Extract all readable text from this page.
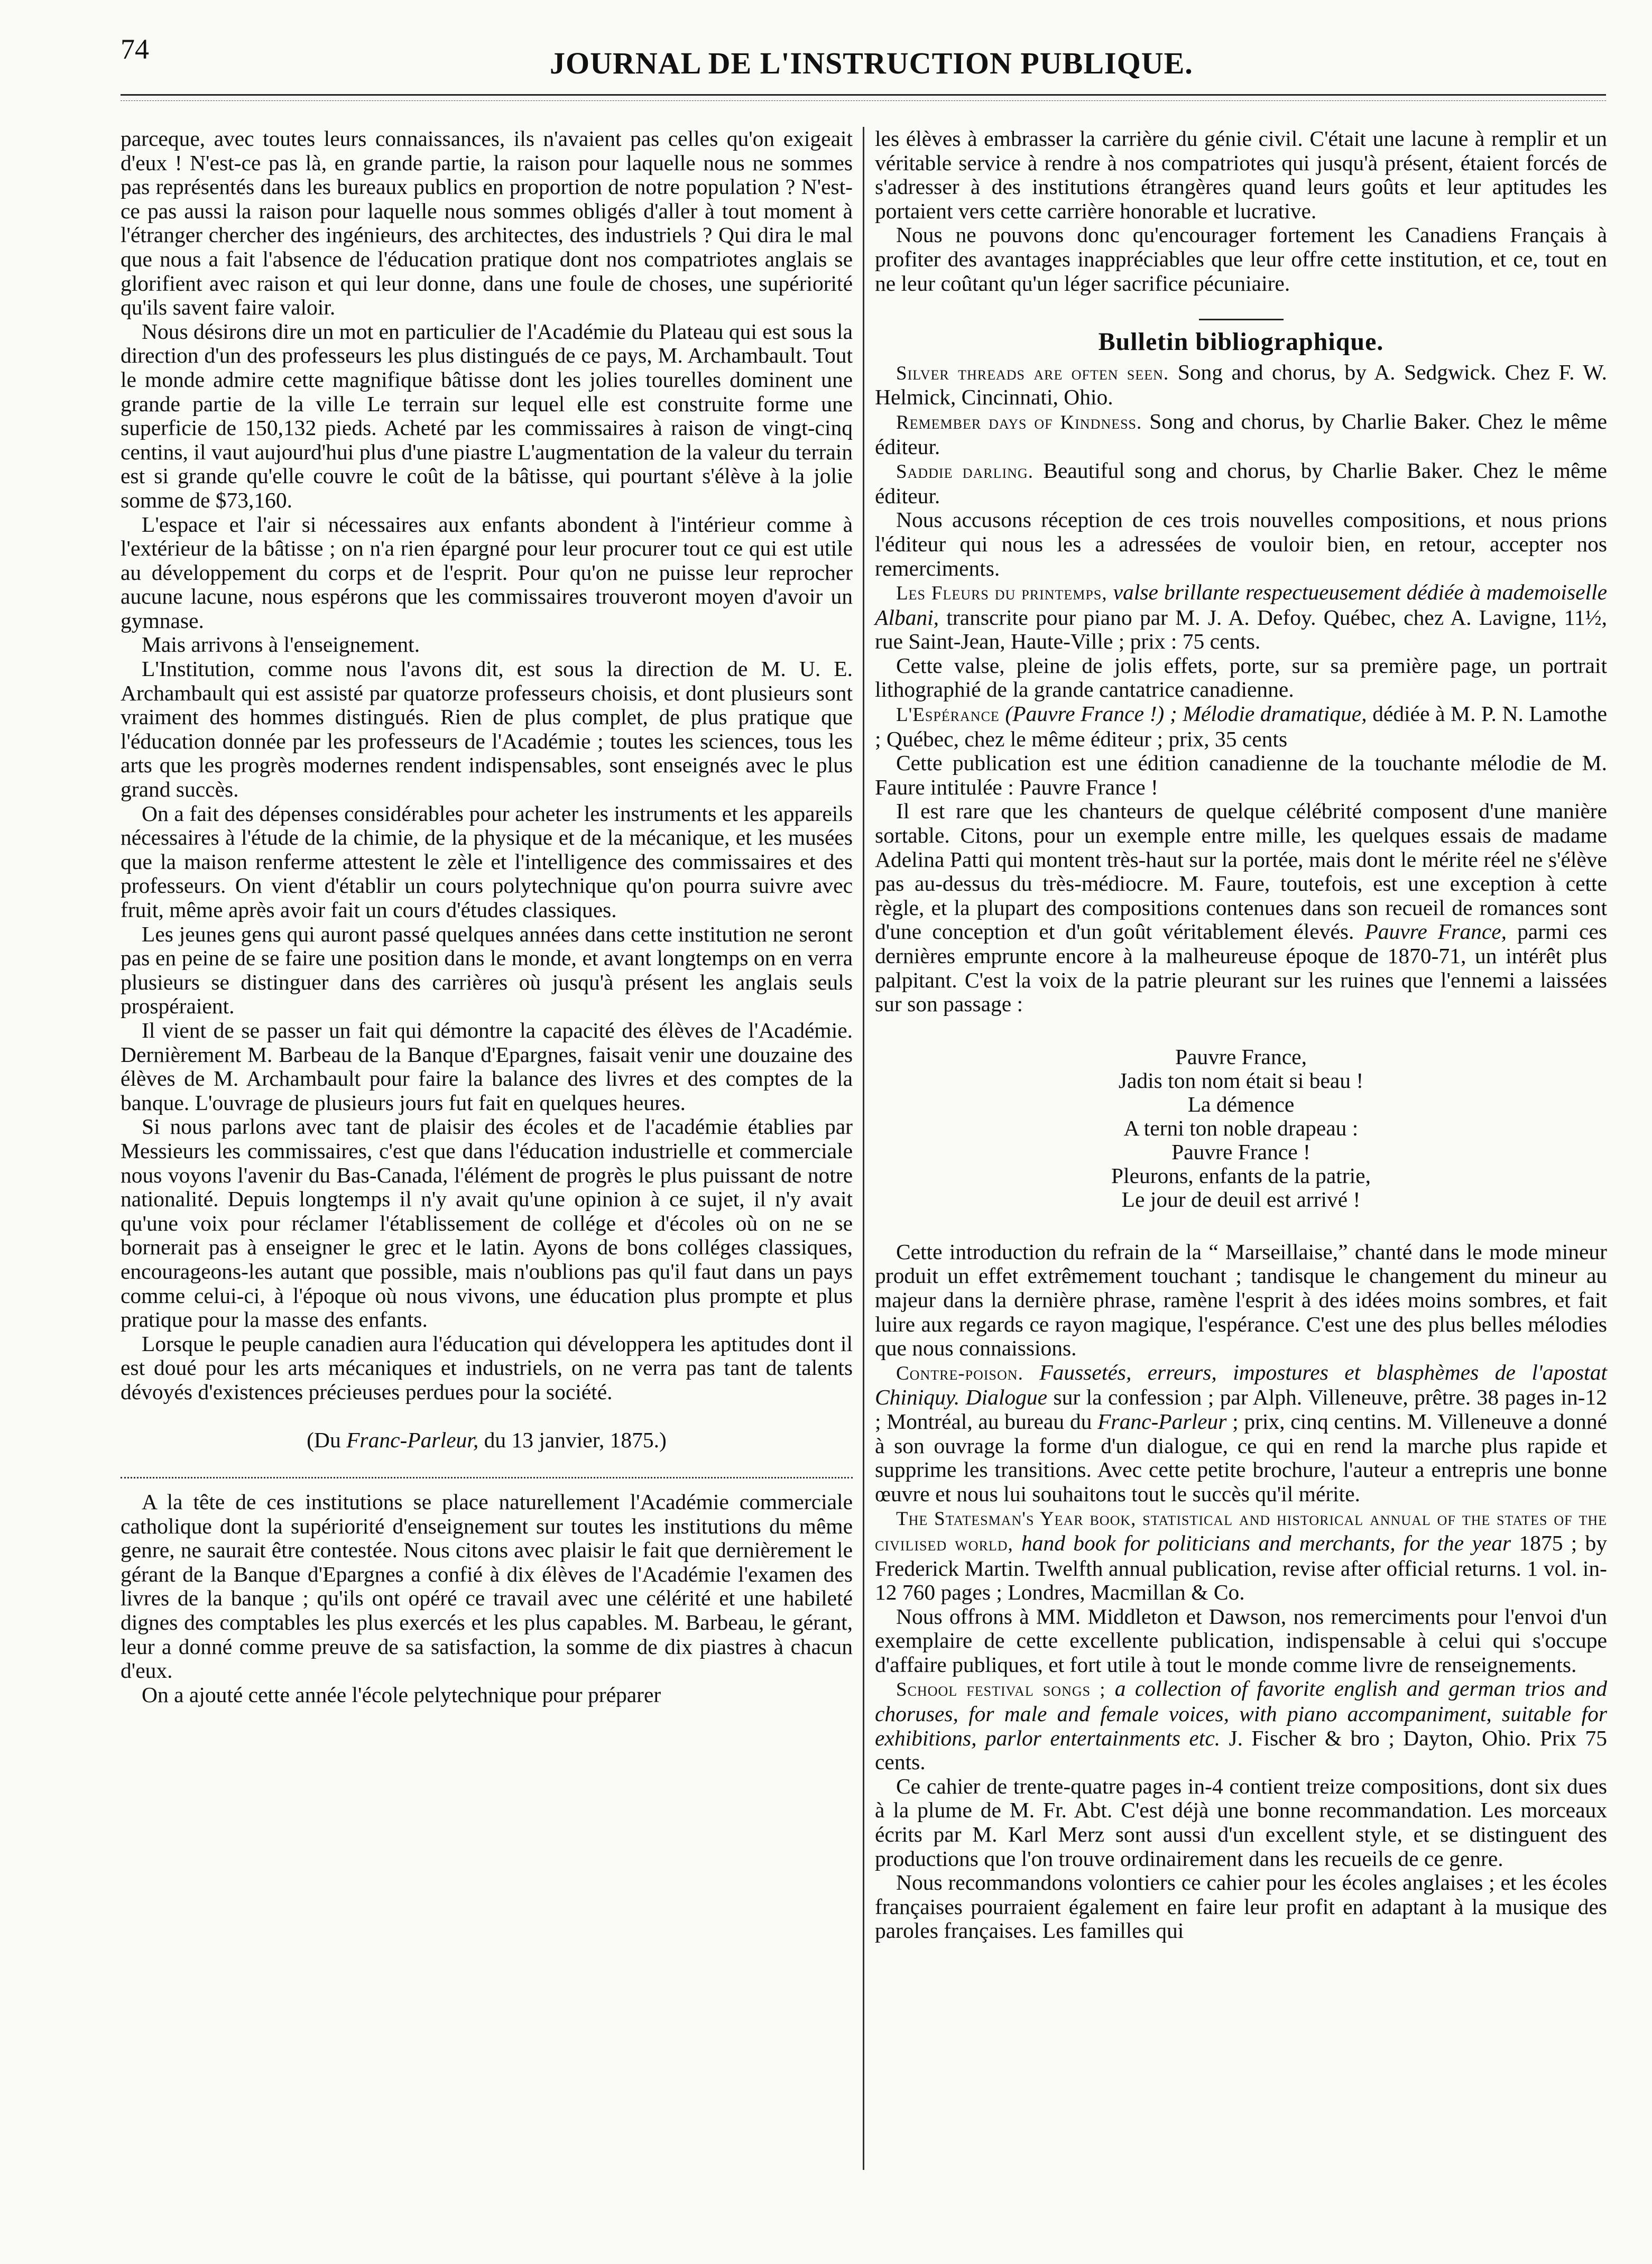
74	JOURNAL DE L'INSTRUCTION PUBLIQUE.

parceque, avec toutes leurs connaissances, ils n'avaient pas celles qu'on exigeait d'eux ! N'est-ce pas là, en grande partie, la raison pour laquelle nous ne sommes pas représentés dans les bureaux publics en proportion de notre population ? N'est-ce pas aussi la raison pour laquelle nous sommes obligés d'aller à tout moment à l'étranger chercher des ingénieurs, des architectes, des industriels ? Qui dira le mal que nous a fait l'absence de l'éducation pratique dont nos compatriotes anglais se glorifient avec raison et qui leur donne, dans une foule de choses, une supériorité qu'ils savent faire valoir.

Nous désirons dire un mot en particulier de l'Académie du Plateau qui est sous la direction d'un des professeurs les plus distingués de ce pays, M. Archambault. Tout le monde admire cette magnifique bâtisse dont les jolies tourelles dominent une grande partie de la ville Le terrain sur lequel elle est construite forme une superficie de 150,132 pieds. Acheté par les commissaires à raison de vingt-cinq centins, il vaut aujourd'hui plus d'une piastre L'augmentation de la valeur du terrain est si grande qu'elle couvre le coût de la bâtisse, qui pourtant s'élève à la jolie somme de $73,160.

L'espace et l'air si nécessaires aux enfants abondent à l'intérieur comme à l'extérieur de la bâtisse ; on n'a rien épargné pour leur procurer tout ce qui est utile au développement du corps et de l'esprit. Pour qu'on ne puisse leur reprocher aucune lacune, nous espérons que les commissaires trouveront moyen d'avoir un gymnase.

Mais arrivons à l'enseignement.

L'Institution, comme nous l'avons dit, est sous la direction de M. U. E. Archambault qui est assisté par quatorze professeurs choisis, et dont plusieurs sont vraiment des hommes distingués. Rien de plus complet, de plus pratique que l'éducation donnée par les professeurs de l'Académie ; toutes les sciences, tous les arts que les progrès modernes rendent indispensables, sont enseignés avec le plus grand succès.

On a fait des dépenses considérables pour acheter les instruments et les appareils nécessaires à l'étude de la chimie, de la physique et de la mécanique, et les musées que la maison renferme attestent le zèle et l'intelligence des commissaires et des professeurs. On vient d'établir un cours polytechnique qu'on pourra suivre avec fruit, même après avoir fait un cours d'études classiques.

Les jeunes gens qui auront passé quelques années dans cette institution ne seront pas en peine de se faire une position dans le monde, et avant longtemps on en verra plusieurs se distinguer dans des carrières où jusqu'à présent les anglais seuls prospéraient.

Il vient de se passer un fait qui démontre la capacité des élèves de l'Académie. Dernièrement M. Barbeau de la Banque d'Epargnes, faisait venir une douzaine des élèves de M. Archambault pour faire la balance des livres et des comptes de la banque. L'ouvrage de plusieurs jours fut fait en quelques heures.

Si nous parlons avec tant de plaisir des écoles et de l'académie établies par Messieurs les commissaires, c'est que dans l'éducation industrielle et commerciale nous voyons l'avenir du Bas-Canada, l'élément de progrès le plus puissant de notre nationalité. Depuis longtemps il n'y avait qu'une opinion à ce sujet, il n'y avait qu'une voix pour réclamer l'établissement de collége et d'écoles où on ne se bornerait pas à enseigner le grec et le latin. Ayons de bons colléges classiques, encourageons-les autant que possible, mais n'oublions pas qu'il faut dans un pays comme celui-ci, à l'époque où nous vivons, une éducation plus prompte et plus pratique pour la masse des enfants.

Lorsque le peuple canadien aura l'éducation qui développera les aptitudes dont il est doué pour les arts mécaniques et industriels, on ne verra pas tant de talents dévoyés d'existences précieuses perdues pour la société.

(Du Franc-Parleur, du 13 janvier, 1875.)

A la tête de ces institutions se place naturellement l'Académie commerciale catholique dont la supériorité d'enseignement sur toutes les institutions du même genre, ne saurait être contestée. Nous citons avec plaisir le fait que dernièrement le gérant de la Banque d'Epargnes a confié à dix élèves de l'Académie l'examen des livres de la banque ; qu'ils ont opéré ce travail avec une célérité et une habileté dignes des comptables les plus exercés et les plus capables. M. Barbeau, le gérant, leur a donné comme preuve de sa satisfaction, la somme de dix piastres à chacun d'eux.

On a ajouté cette année l'école pelytechnique pour préparer

les élèves à embrasser la carrière du génie civil. C'était une lacune à remplir et un véritable service à rendre à nos compatriotes qui jusqu'à présent, étaient forcés de s'adresser à des institutions étrangères quand leurs goûts et leur aptitudes les portaient vers cette carrière honorable et lucrative.

Nous ne pouvons donc qu'encourager fortement les Canadiens Français à profiter des avantages inappréciables que leur offre cette institution, et ce, tout en ne leur coûtant qu'un léger sacrifice pécuniaire.

Bulletin bibliographique.

Silver threads are often seen. Song and chorus, by A. Sedgwick. Chez F. W. Helmick, Cincinnati, Ohio.

Remember days of Kindness. Song and chorus, by Charlie Baker. Chez le même éditeur.

Saddie darling. Beautiful song and chorus, by Charlie Baker. Chez le même éditeur.

Nous accusons réception de ces trois nouvelles compositions, et nous prions l'éditeur qui nous les a adressées de vouloir bien, en retour, accepter nos remerciments.

Les Fleurs du printemps, valse brillante respectueusement dédiée à mademoiselle Albani, transcrite pour piano par M. J. A. Defoy. Québec, chez A. Lavigne, 11½, rue Saint-Jean, Haute-Ville ; prix : 75 cents.

Cette valse, pleine de jolis effets, porte, sur sa première page, un portrait lithographié de la grande cantatrice canadienne.

L'Espérance (Pauvre France !) ; Mélodie dramatique, dédiée à M. P. N. Lamothe ; Québec, chez le même éditeur ; prix, 35 cents

Cette publication est une édition canadienne de la touchante mélodie de M. Faure intitulée : Pauvre France !

Il est rare que les chanteurs de quelque célébrité composent d'une manière sortable. Citons, pour un exemple entre mille, les quelques essais de madame Adelina Patti qui montent très-haut sur la portée, mais dont le mérite réel ne s'élève pas au-dessus du très-médiocre. M. Faure, toutefois, est une exception à cette règle, et la plupart des compositions contenues dans son recueil de romances sont d'une conception et d'un goût véritablement élevés. Pauvre France, parmi ces dernières emprunte encore à la malheureuse époque de 1870-71, un intérêt plus palpitant. C'est la voix de la patrie pleurant sur les ruines que l'ennemi a laissées sur son passage :

Pauvre France,
Jadis ton nom était si beau !
La démence
A terni ton noble drapeau :
Pauvre France !
Pleurons, enfants de la patrie,
Le jour de deuil est arrivé !

Cette introduction du refrain de la “ Marseillaise,” chanté dans le mode mineur produit un effet extrêmement touchant ; tandisque le changement du mineur au majeur dans la dernière phrase, ramène l'esprit à des idées moins sombres, et fait luire aux regards ce rayon magique, l'espérance. C'est une des plus belles mélodies que nous connaissions.

Contre-poison. Faussetés, erreurs, impostures et blasphèmes de l'apostat Chiniquy. Dialogue sur la confession ; par Alph. Villeneuve, prêtre. 38 pages in-12 ; Montréal, au bureau du Franc-Parleur ; prix, cinq centins. M. Villeneuve a donné à son ouvrage la forme d'un dialogue, ce qui en rend la marche plus rapide et supprime les transitions. Avec cette petite brochure, l'auteur a entrepris une bonne œuvre et nous lui souhaitons tout le succès qu'il mérite.

The Statesman's Year book, statistical and historical annual of the states of the civilised world, hand book for politicians and merchants, for the year 1875 ; by Frederick Martin. Twelfth annual publication, revise after official returns. 1 vol. in-12 760 pages ; Londres, Macmillan & Co.

Nous offrons à MM. Middleton et Dawson, nos remerciments pour l'envoi d'un exemplaire de cette excellente publication, indispensable à celui qui s'occupe d'affaire publiques, et fort utile à tout le monde comme livre de renseignements.

School festival songs ; a collection of favorite english and german trios and choruses, for male and female voices, with piano accompaniment, suitable for exhibitions, parlor entertainments etc. J. Fischer & bro ; Dayton, Ohio. Prix 75 cents.

Ce cahier de trente-quatre pages in-4 contient treize compositions, dont six dues à la plume de M. Fr. Abt. C'est déjà une bonne recommandation. Les morceaux écrits par M. Karl Merz sont aussi d'un excellent style, et se distinguent des productions que l'on trouve ordinairement dans les recueils de ce genre.

Nous recommandons volontiers ce cahier pour les écoles anglaises ; et les écoles françaises pourraient également en faire leur profit en adaptant à la musique des paroles françaises. Les familles qui
